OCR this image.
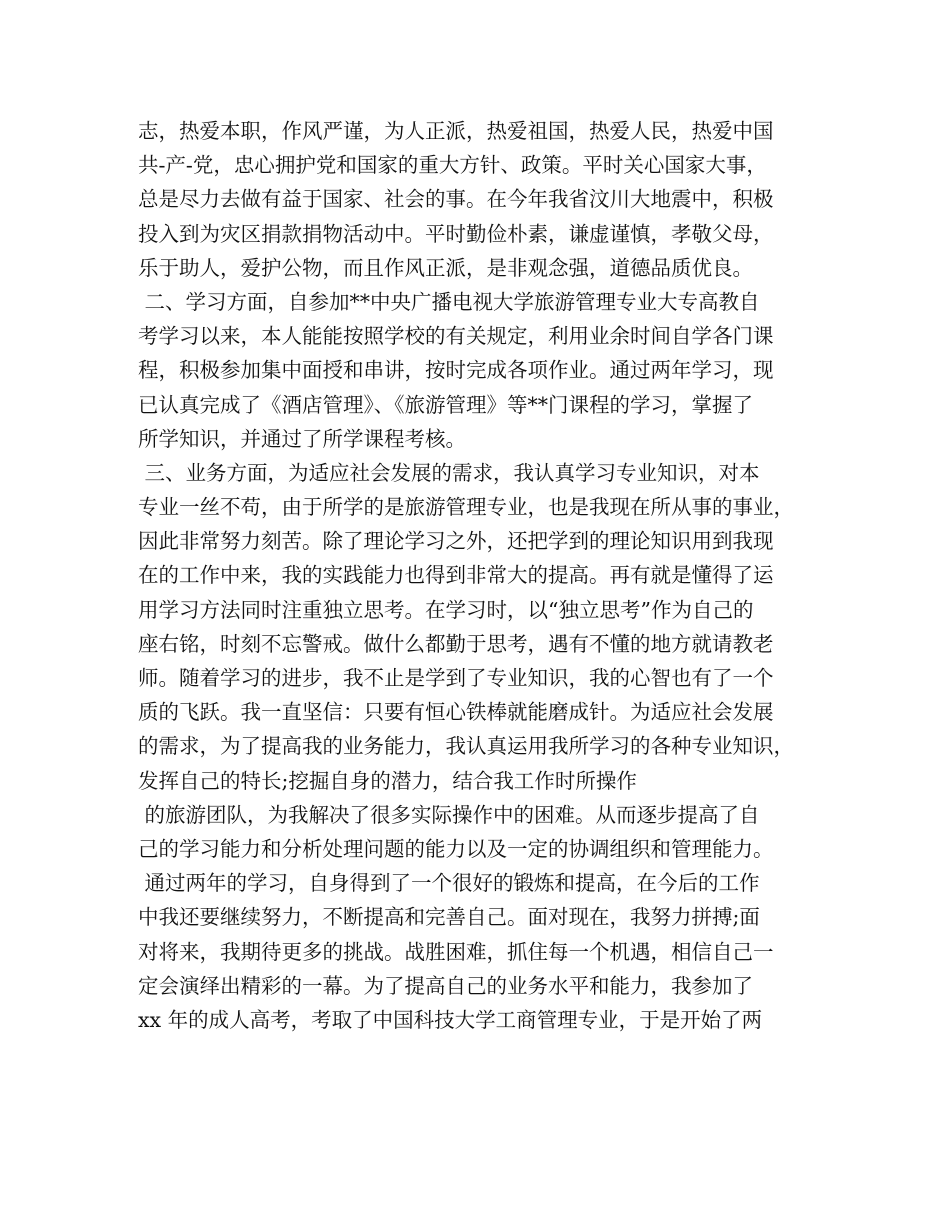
志，热爱本职，作风严谨，为人正派，热爱祖国，热爱人民，热爱中国
共-产-党，忠心拥护党和国家的重大方针、政策。平时关心国家大事，
总是尽力去做有益于国家、社会的事。在今年我省汶川大地震中，积极
投入到为灾区捐款捐物活动中。平时勤俭朴素，谦虚谨慎，孝敬父母，
乐于助人，爱护公物，而且作风正派，是非观念强，道德品质优良。
二、学习方面，自参加**中央广播电视大学旅游管理专业大专高教自
考学习以来，本人能能按照学校的有关规定，利用业余时间自学各门课
程，积极参加集中面授和串讲，按时完成各项作业。通过两年学习，现
已认真完成了《酒店管理》、《旅游管理》等**门课程的学习，掌握了
所学知识，并通过了所学课程考核。
三、业务方面，为适应社会发展的需求，我认真学习专业知识，对本
专业一丝不苟，由于所学的是旅游管理专业，也是我现在所从事的事业，
因此非常努力刻苦。除了理论学习之外，还把学到的理论知识用到我现
在的工作中来，我的实践能力也得到非常大的提高。再有就是懂得了运
用学习方法同时注重独立思考。在学习时，以“独立思考”作为自己的
座右铭，时刻不忘警戒。做什么都勤于思考，遇有不懂的地方就请教老
师。随着学习的进步，我不止是学到了专业知识，我的心智也有了一个
质的飞跃。我一直坚信：只要有恒心铁棒就能磨成针。为适应社会发展
的需求，为了提高我的业务能力，我认真运用我所学习的各种专业知识，
发挥自己的特长;挖掘自身的潜力，结合我工作时所操作
的旅游团队，为我解决了很多实际操作中的困难。从而逐步提高了自
己的学习能力和分析处理问题的能力以及一定的协调组织和管理能力。
通过两年的学习，自身得到了一个很好的锻炼和提高，在今后的工作
中我还要继续努力，不断提高和完善自己。面对现在，我努力拼搏;面
对将来，我期待更多的挑战。战胜困难，抓住每一个机遇，相信自己一
定会演绎出精彩的一幕。为了提高自己的业务水平和能力，我参加了
xx 年的成人高考，考取了中国科技大学工商管理专业，于是开始了两
